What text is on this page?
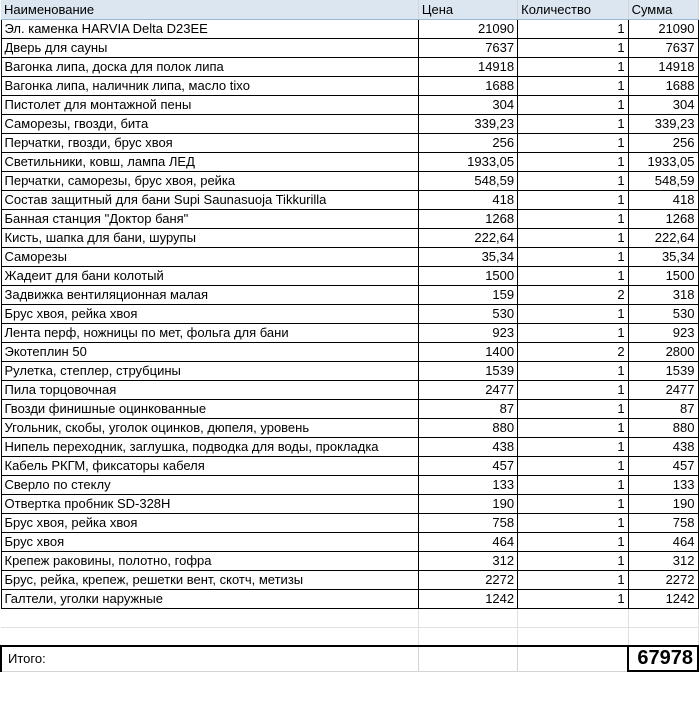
Наименование	Цена	Количество	Сумма
Эл. каменка HARVIA Delta D23EE	21090	1	21090
Дверь для сауны	7637	1	7637
Вагонка липа, доска для полок липа	14918	1	14918
Вагонка липа, наличник липа, масло tixo	1688	1	1688
Пистолет для монтажной пены	304	1	304
Саморезы, гвозди, бита	339,23	1	339,23
Перчатки, гвозди, брус хвоя	256	1	256
Светильники, ковш, лампа ЛЕД	1933,05	1	1933,05
Перчатки, саморезы, брус хвоя, рейка	548,59	1	548,59
Состав защитный для бани Supi Saunasuoja Tikkurilla	418	1	418
Банная станция "Доктор баня"	1268	1	1268
Кисть, шапка для бани, шурупы	222,64	1	222,64
Саморезы	35,34	1	35,34
Жадеит для бани колотый	1500	1	1500
Задвижка вентиляционная малая	159	2	318
Брус хвоя, рейка хвоя	530	1	530
Лента перф, ножницы по мет, фольга для бани	923	1	923
Экотеплин 50	1400	2	2800
Рулетка, степлер, струбцины	1539	1	1539
Пила торцовочная	2477	1	2477
Гвозди финишные оцинкованные	87	1	87
Угольник, скобы, уголок оцинков, дюпеля, уровень	880	1	880
Нипель переходник, заглушка, подводка для воды, прокладка	438	1	438
Кабель РКГМ, фиксаторы кабеля	457	1	457
Сверло по стеклу	133	1	133
Отвертка пробник SD-328H	190	1	190
Брус хвоя, рейка хвоя	758	1	758
Брус хвоя	464	1	464
Крепеж раковины, полотно, гофра	312	1	312
Брус, рейка, крепеж, решетки вент, скотч, метизы	2272	1	2272
Галтели, уголки наружные	1242	1	1242

Итого:			67978
